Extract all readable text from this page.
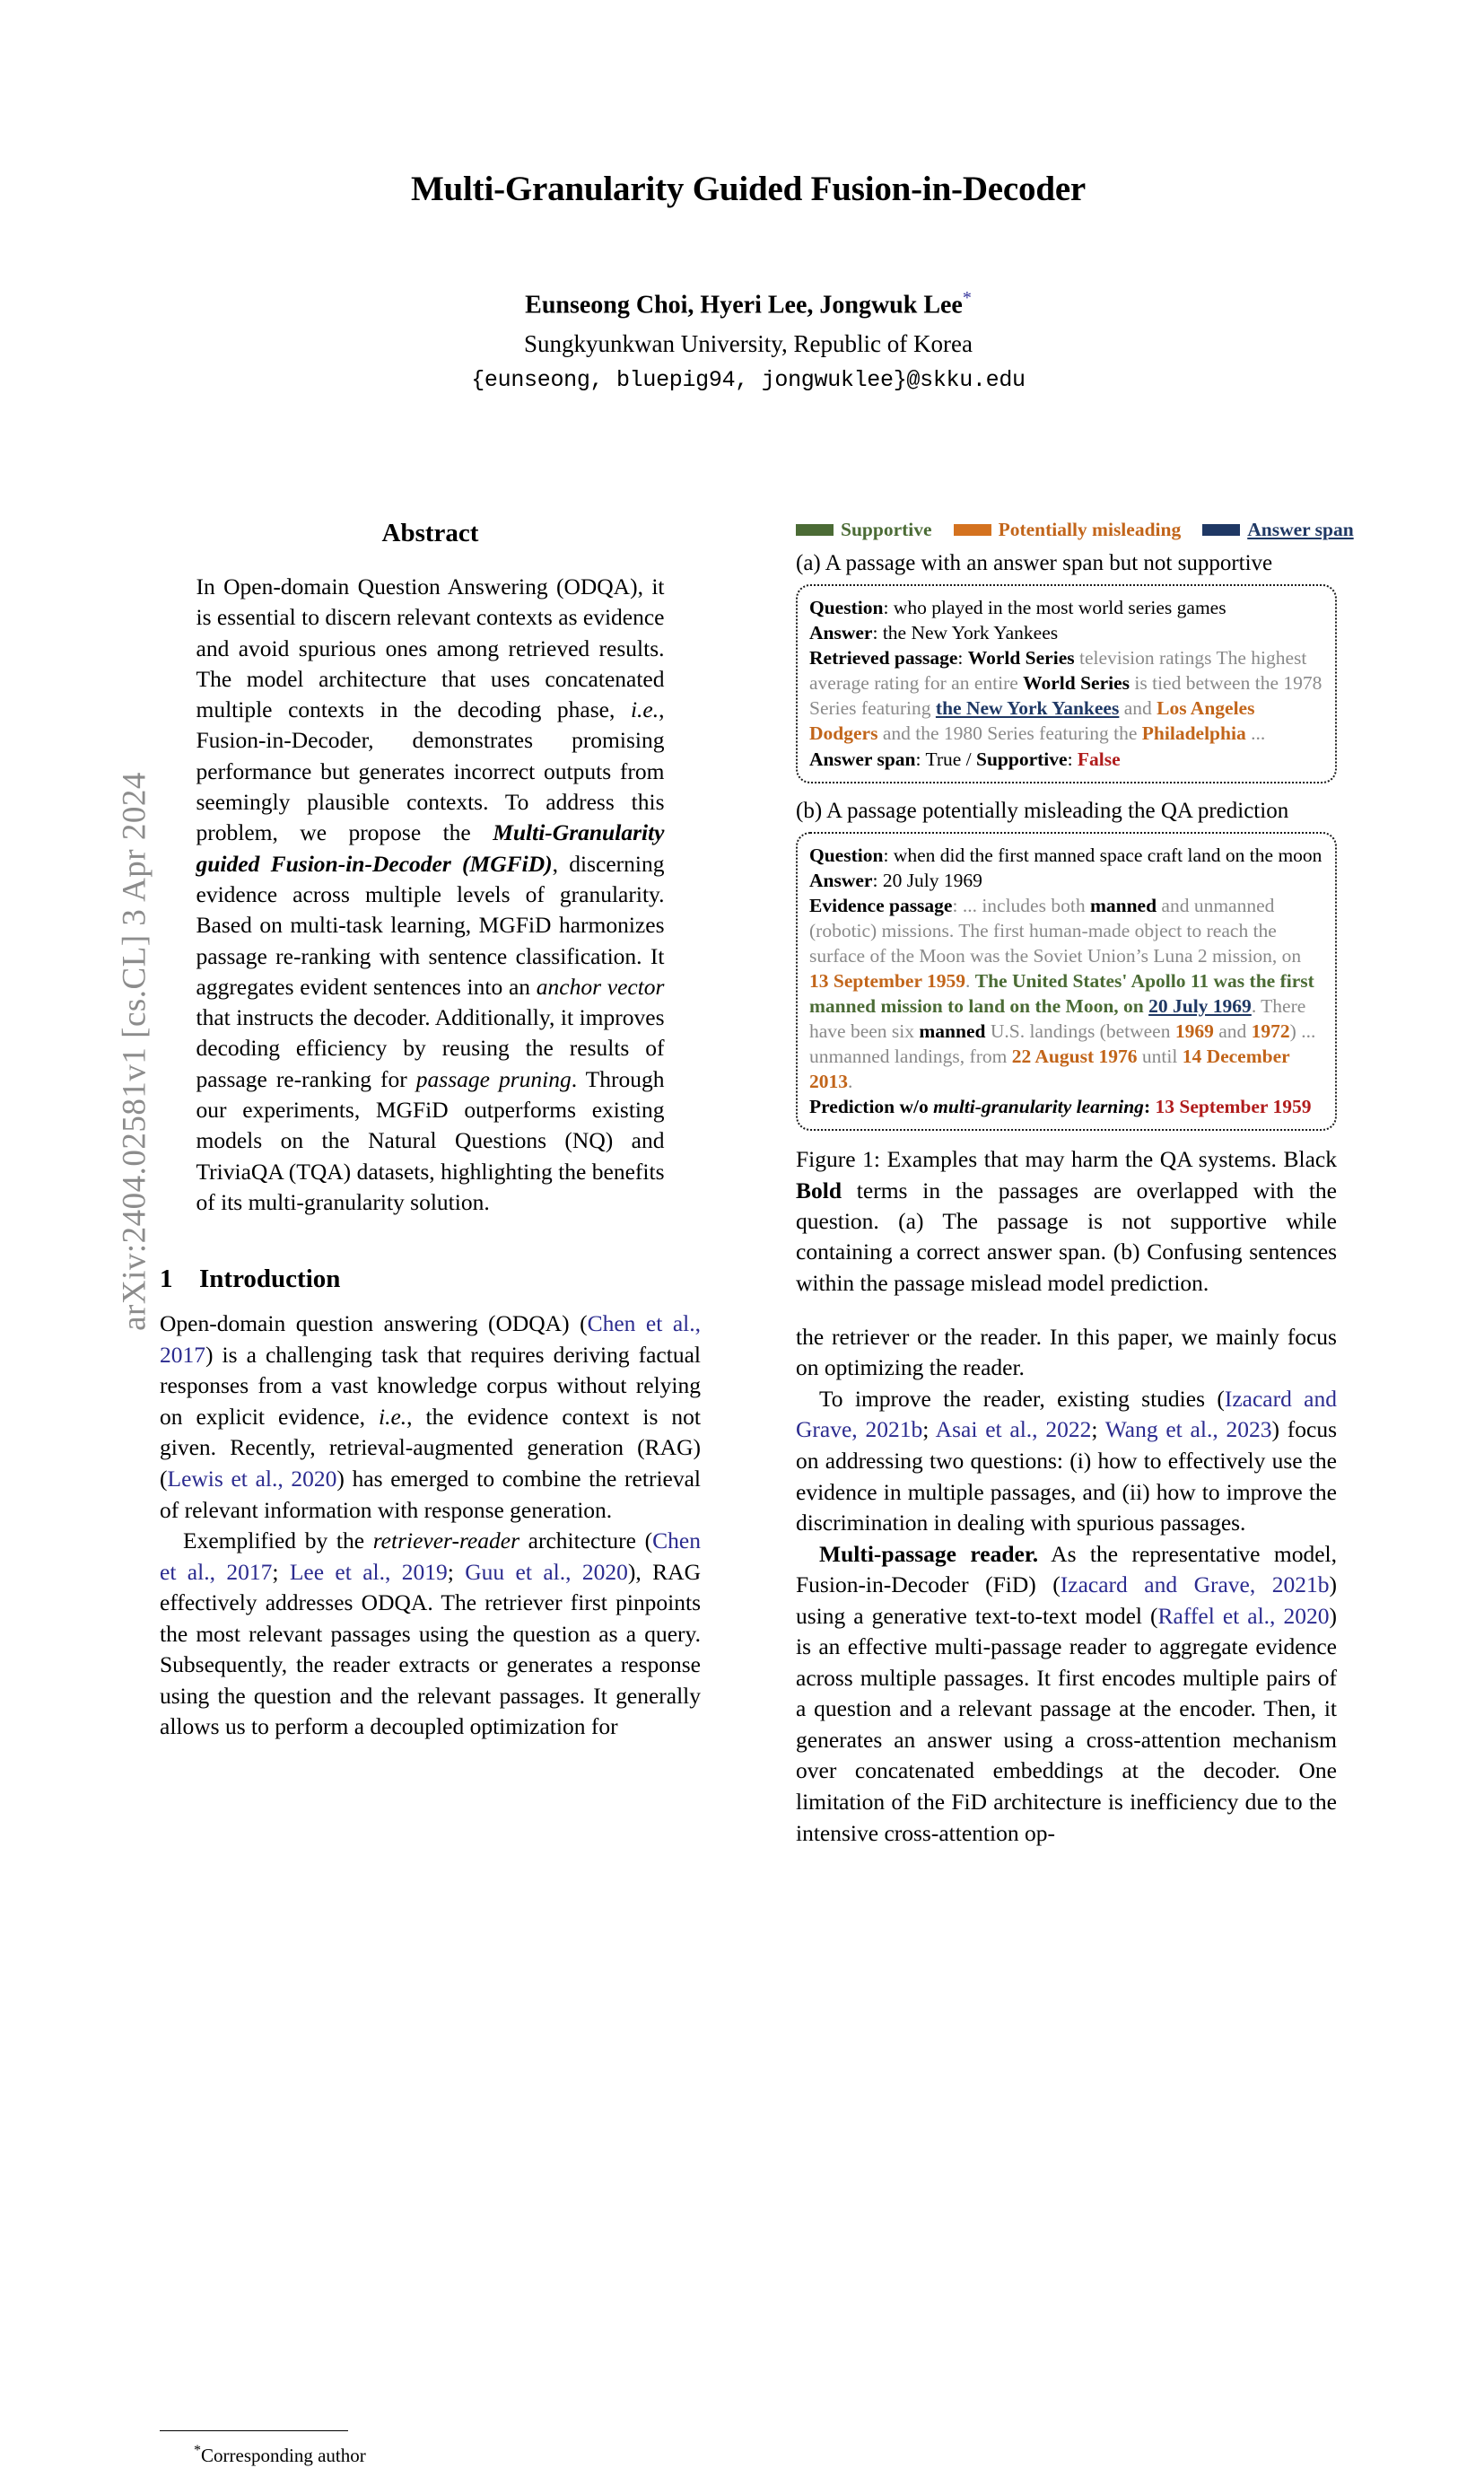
arXiv:2404.02581v1 [cs.CL] 3 Apr 2024
Multi-Granularity Guided Fusion-in-Decoder
Eunseong Choi, Hyeri Lee, Jongwuk Lee*
Sungkyunkwan University, Republic of Korea
{eunseong, bluepig94, jongwuklee}@skku.edu
Abstract
In Open-domain Question Answering (ODQA), it is essential to discern relevant contexts as evidence and avoid spurious ones among retrieved results. The model architecture that uses concatenated multiple contexts in the decoding phase, i.e., Fusion-in-Decoder, demonstrates promising performance but generates incorrect outputs from seemingly plausible contexts. To address this problem, we propose the Multi-Granularity guided Fusion-in-Decoder (MGFiD), discerning evidence across multiple levels of granularity. Based on multi-task learning, MGFiD harmonizes passage re-ranking with sentence classification. It aggregates evident sentences into an anchor vector that instructs the decoder. Additionally, it improves decoding efficiency by reusing the results of passage re-ranking for passage pruning. Through our experiments, MGFiD outperforms existing models on the Natural Questions (NQ) and TriviaQA (TQA) datasets, highlighting the benefits of its multi-granularity solution.
1 Introduction

Open-domain question answering (ODQA) (Chen et al., 2017) is a challenging task that requires deriving factual responses from a vast knowledge corpus without relying on explicit evidence, i.e., the evidence context is not given. Recently, retrieval-augmented generation (RAG) (Lewis et al., 2020) has emerged to combine the retrieval of relevant information with response generation.

Exemplified by the retriever-reader architecture (Chen et al., 2017; Lee et al., 2019; Guu et al., 2020), RAG effectively addresses ODQA. The retriever first pinpoints the most relevant passages using the question as a query. Subsequently, the reader extracts or generates a response using the question and the relevant passages. It generally allows us to perform a decoupled optimization for

*Corresponding author
Supportive	Potentially misleading	Answer span

(a) A passage with an answer span but not supportive

Question: who played in the most world series games

Answer: the New York Yankees

Retrieved passage: World Series television ratings The highest average rating for an entire World Series is tied between the 1978 Series featuring the New York Yankees and Los Angeles Dodgers and the 1980 Series featuring the Philadelphia ...

Answer span: True / Supportive: False

(b) A passage potentially misleading the QA prediction

Question: when did the first manned space craft land on the moon

Answer: 20 July 1969

Evidence passage: ... includes both manned and unmanned (robotic) missions. The first human-made object to reach the surface of the Moon was the Soviet Union’s Luna 2 mission, on 13 September 1959. The United States' Apollo 11 was the first manned mission to land on the Moon, on 20 July 1969. There have been six manned U.S. landings (between 1969 and 1972) ... unmanned landings, from 22 August 1976 until 14 December 2013.

Prediction w/o multi-granularity learning: 13 September 1959

Figure 1: Examples that may harm the QA systems. Black Bold terms in the passages are overlapped with the question. (a) The passage is not supportive while containing a correct answer span. (b) Confusing sentences within the passage mislead model prediction.

the retriever or the reader. In this paper, we mainly focus on optimizing the reader.

To improve the reader, existing studies (Izacard and Grave, 2021b; Asai et al., 2022; Wang et al., 2023) focus on addressing two questions: (i) how to effectively use the evidence in multiple passages, and (ii) how to improve the discrimination in dealing with spurious passages.

Multi-passage reader. As the representative model, Fusion-in-Decoder (FiD) (Izacard and Grave, 2021b) using a generative text-to-text model (Raffel et al., 2020) is an effective multi-passage reader to aggregate evidence across multiple passages. It first encodes multiple pairs of a question and a relevant passage at the encoder. Then, it generates an answer using a cross-attention mechanism over concatenated embeddings at the decoder. One limitation of the FiD architecture is inefficiency due to the intensive cross-attention op-
